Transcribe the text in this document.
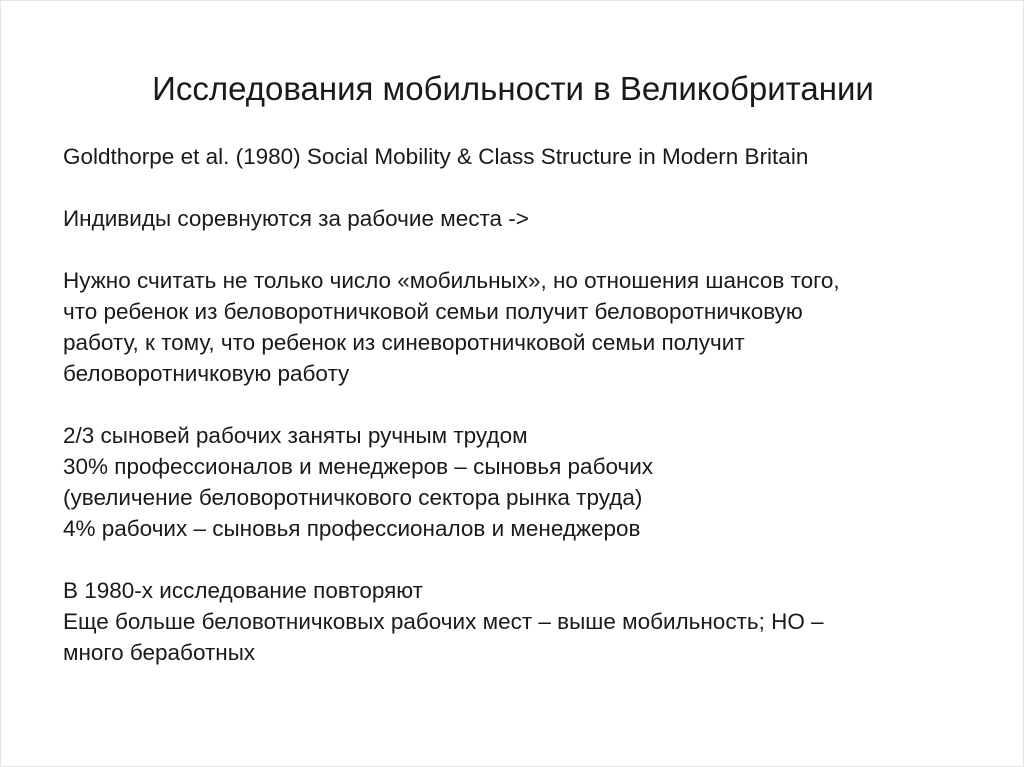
Исследования мобильности в Великобритании

Goldthorpe et al. (1980) Social Mobility & Class Structure in Modern Britain

Индивиды соревнуются за рабочие места ->

Нужно считать не только число «мобильных», но отношения шансов того,
что ребенок из беловоротничковой семьи получит беловоротничковую
работу, к тому, что ребенок из синеворотничковой семьи получит
беловоротничковую работу

2/3 сыновей рабочих заняты ручным трудом

30% профессионалов и менеджеров – сыновья рабочих

(увеличение беловоротничкового сектора рынка труда)

4% рабочих – сыновья профессионалов и менеджеров

В 1980-х исследование повторяют

Еще больше беловотничковых рабочих мест – выше мобильность; НО –
много беработных
